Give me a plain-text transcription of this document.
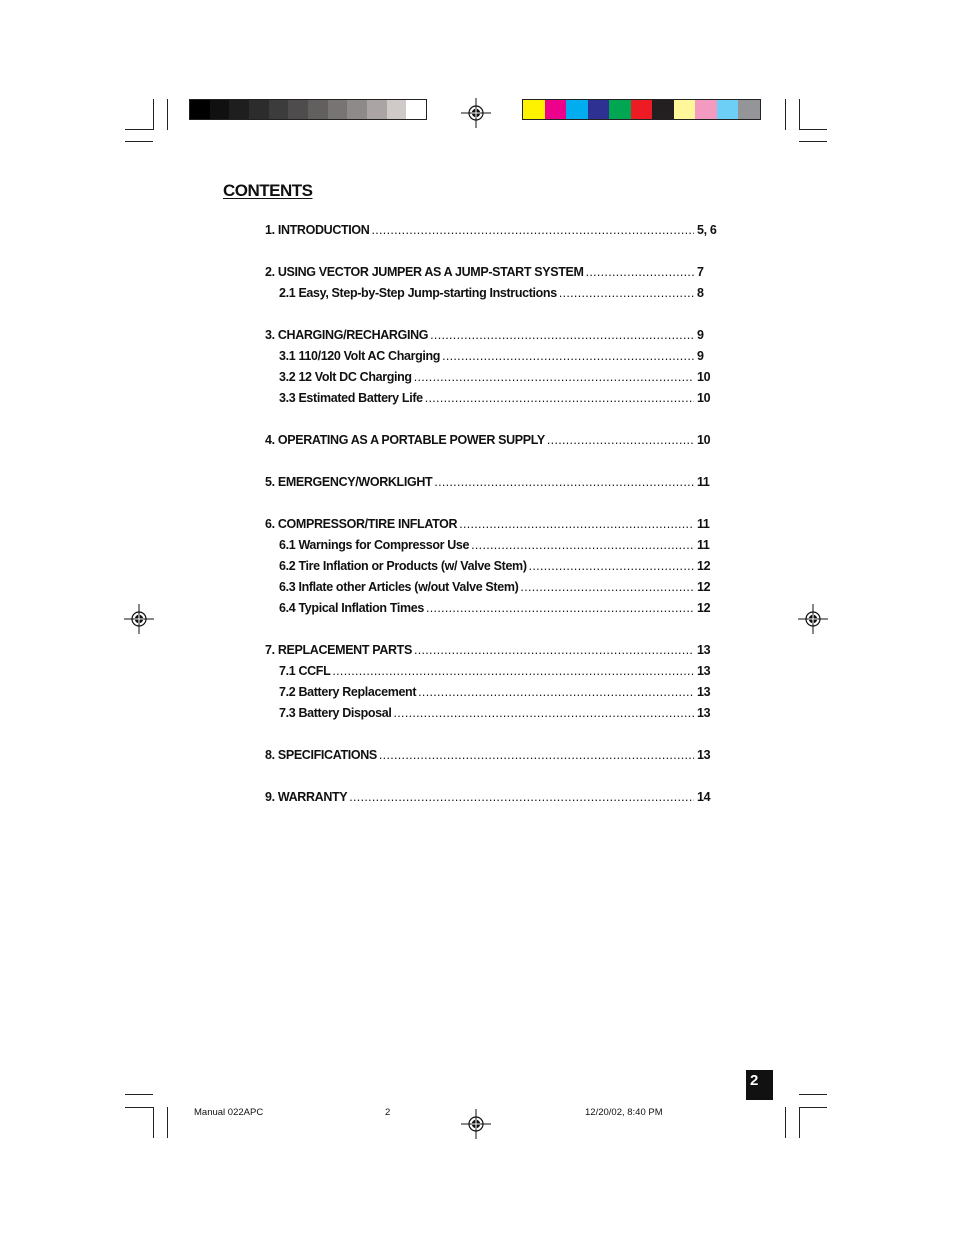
CONTENTS
1. INTRODUCTION .....	5, 6
2. USING VECTOR JUMPER AS A JUMP-START SYSTEM .....	7
2.1 Easy, Step-by-Step Jump-starting Instructions .....	8
3. CHARGING/RECHARGING .....	9
3.1 110/120 Volt AC Charging .....	9
3.2 12 Volt DC Charging .....	10
3.3 Estimated Battery Life .....	10
4. OPERATING AS A PORTABLE POWER SUPPLY .....	10
5. EMERGENCY/WORKLIGHT .....	11
6. COMPRESSOR/TIRE INFLATOR .....	11
6.1 Warnings for Compressor Use .....	11
6.2 Tire Inflation or Products (w/ Valve Stem) .....	12
6.3 Inflate other Articles (w/out Valve Stem) .....	12
6.4 Typical Inflation Times .....	12
7. REPLACEMENT PARTS .....	13
7.1 CCFL .....	13
7.2 Battery Replacement .....	13
7.3 Battery Disposal .....	13
8. SPECIFICATIONS .....	13
9. WARRANTY .....	14
2
Manual 022APC	2	12/20/02, 8:40 PM
